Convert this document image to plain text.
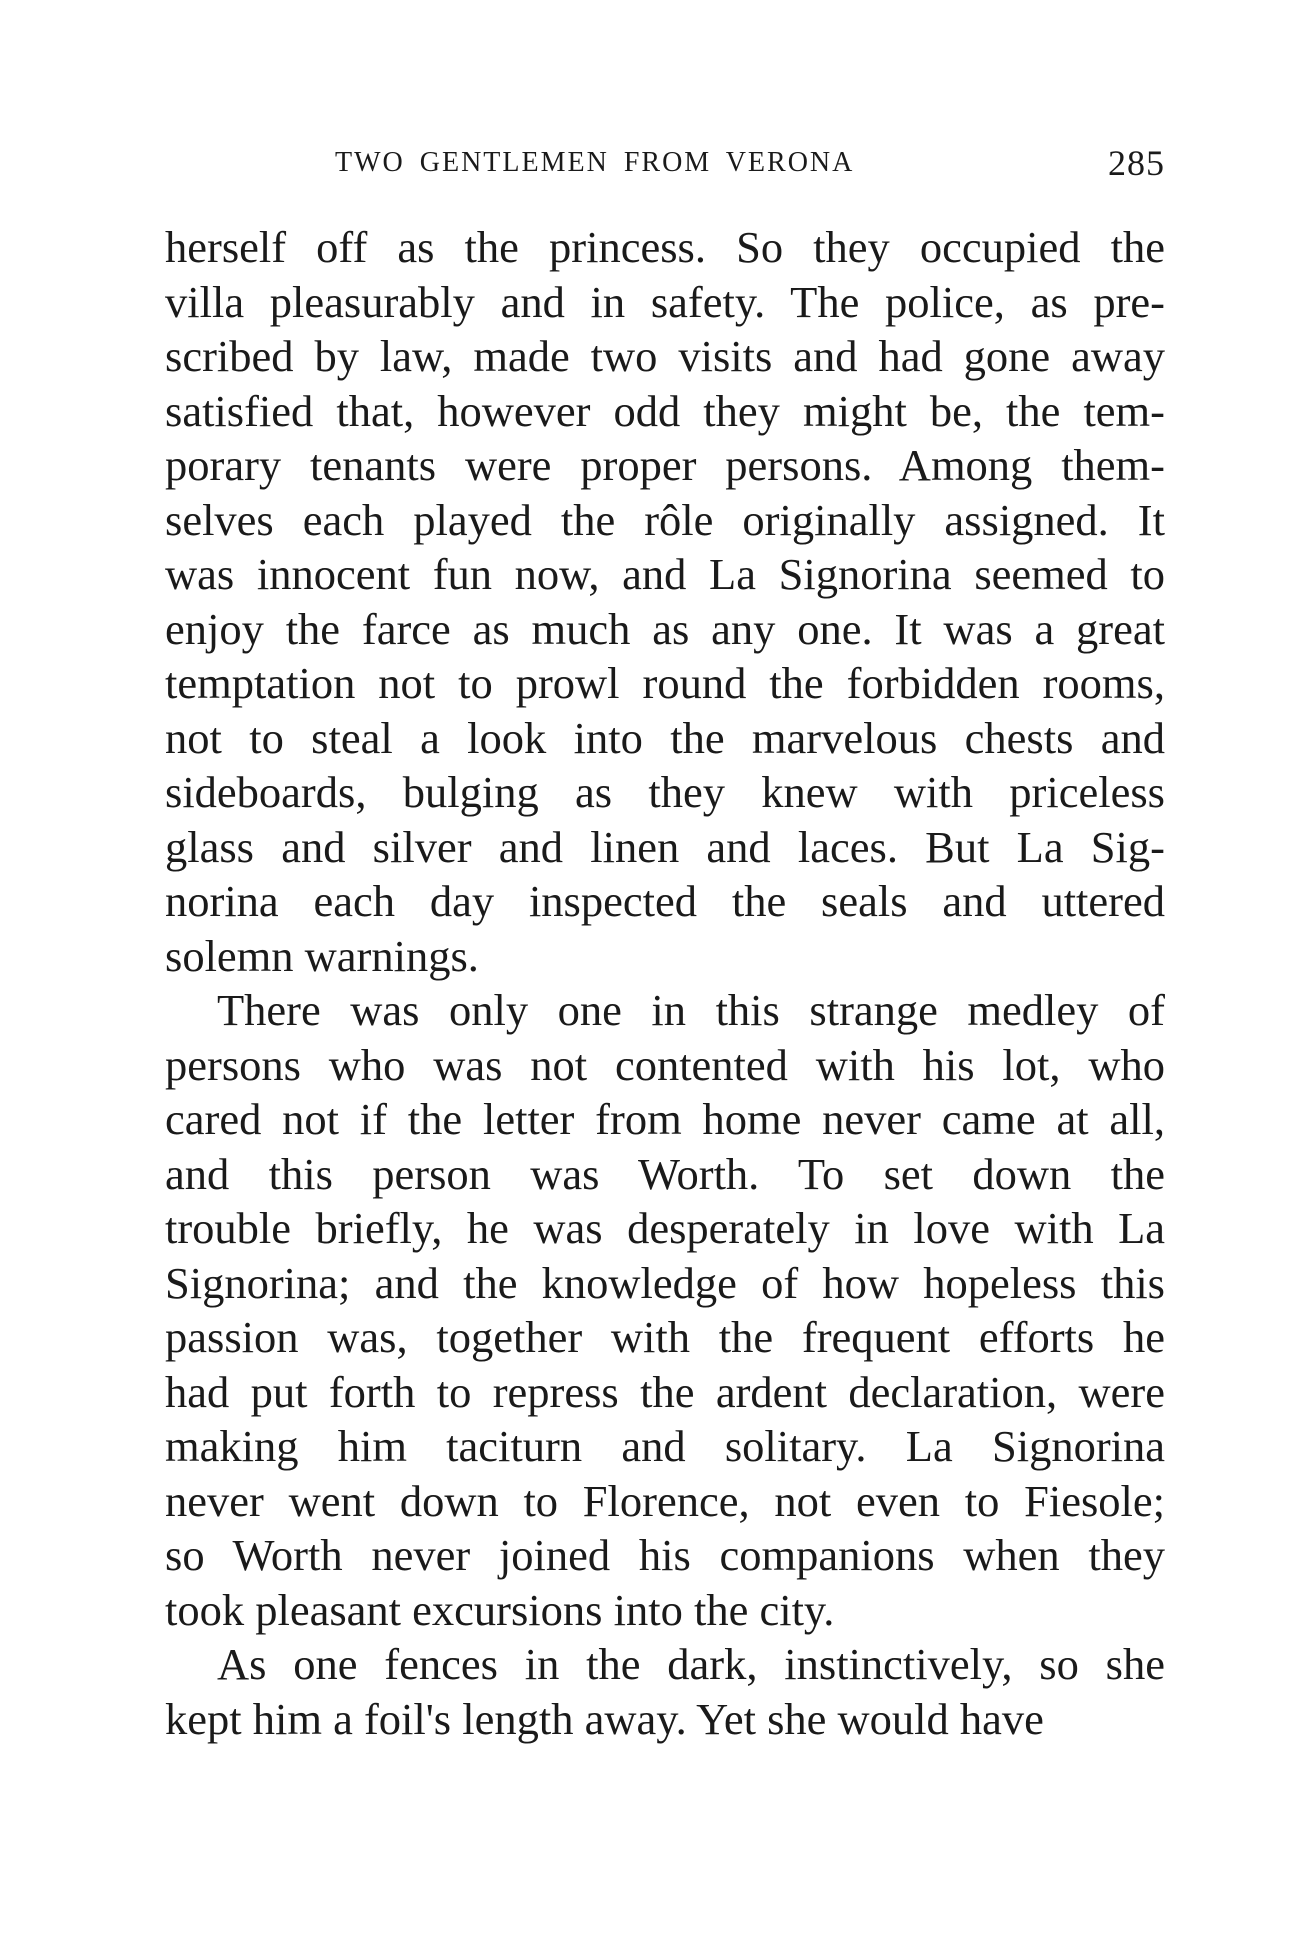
TWO GENTLEMEN FROM VERONA	285
herself off as the princess. So they occupied the
villa pleasurably and in safety. The police, as pre-
scribed by law, made two visits and had gone away
satisfied that, however odd they might be, the tem-
porary tenants were proper persons. Among them-
selves each played the rôle originally assigned. It
was innocent fun now, and La Signorina seemed to
enjoy the farce as much as any one. It was a great
temptation not to prowl round the forbidden rooms,
not to steal a look into the marvelous chests and
sideboards, bulging as they knew with priceless
glass and silver and linen and laces. But La Sig-
norina each day inspected the seals and uttered
solemn warnings.
There was only one in this strange medley of
persons who was not contented with his lot, who
cared not if the letter from home never came at all,
and this person was Worth. To set down the
trouble briefly, he was desperately in love with La
Signorina; and the knowledge of how hopeless this
passion was, together with the frequent efforts he
had put forth to repress the ardent declaration, were
making him taciturn and solitary. La Signorina
never went down to Florence, not even to Fiesole;
so Worth never joined his companions when they
took pleasant excursions into the city.
As one fences in the dark, instinctively, so she
kept him a foil's length away. Yet she would have
